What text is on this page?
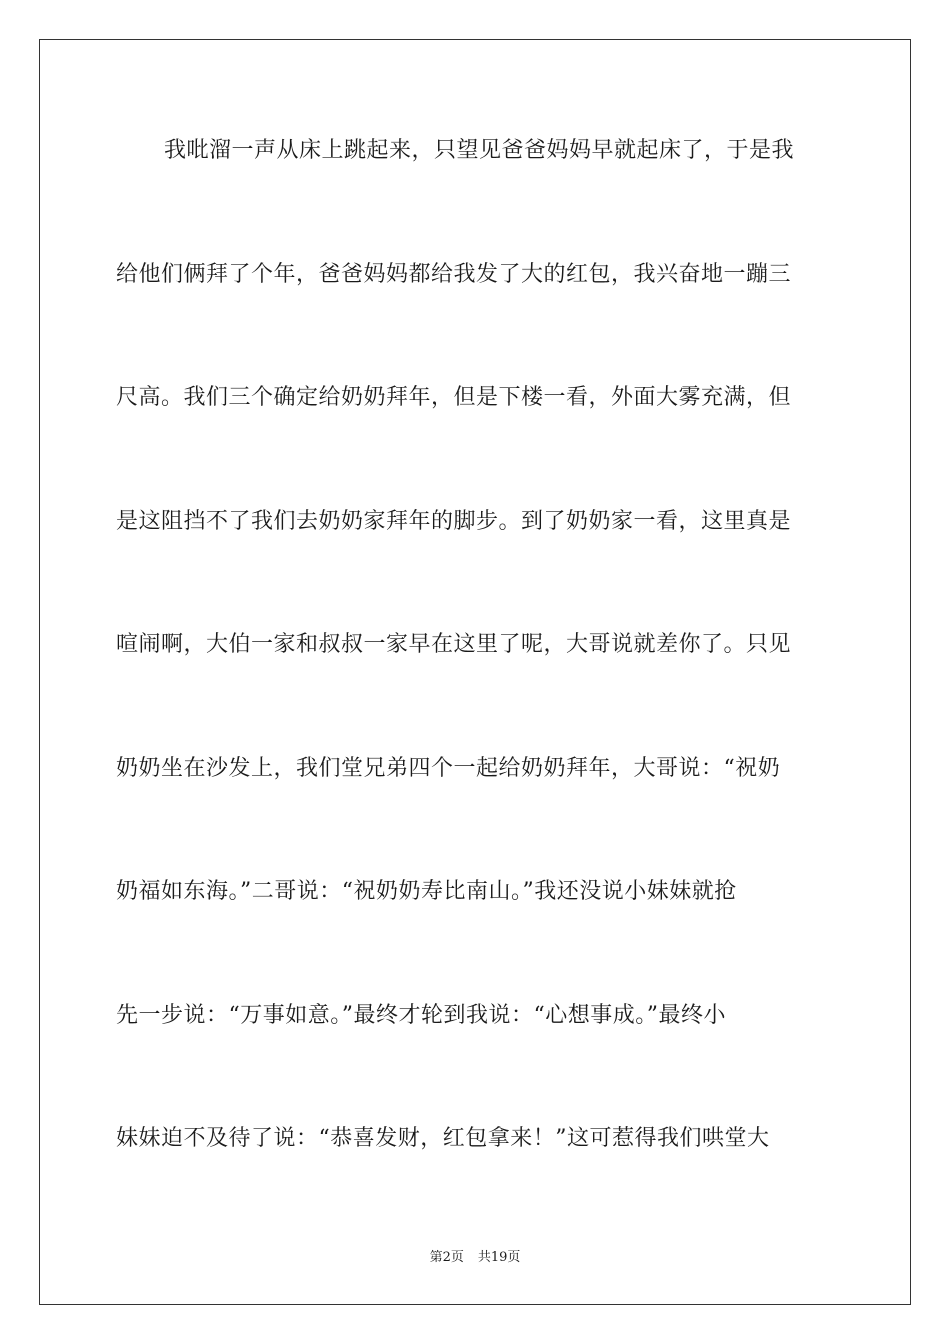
我吡溜一声从床上跳起来，只望见爸爸妈妈早就起床了，于是我
给他们俩拜了个年，爸爸妈妈都给我发了大的红包，我兴奋地一蹦三
尺高。我们三个确定给奶奶拜年，但是下楼一看，外面大雾充满，但
是这阻挡不了我们去奶奶家拜年的脚步。到了奶奶家一看，这里真是
喧闹啊，大伯一家和叔叔一家早在这里了呢，大哥说就差你了。只见
奶奶坐在沙发上，我们堂兄弟四个一起给奶奶拜年，大哥说：“祝奶
奶福如东海。”二哥说：“祝奶奶寿比南山。”我还没说小妹妹就抢
先一步说：“万事如意。”最终才轮到我说：“心想事成。”最终小
妹妹迫不及待了说：“恭喜发财，红包拿来！”这可惹得我们哄堂大
第2页 共19页
